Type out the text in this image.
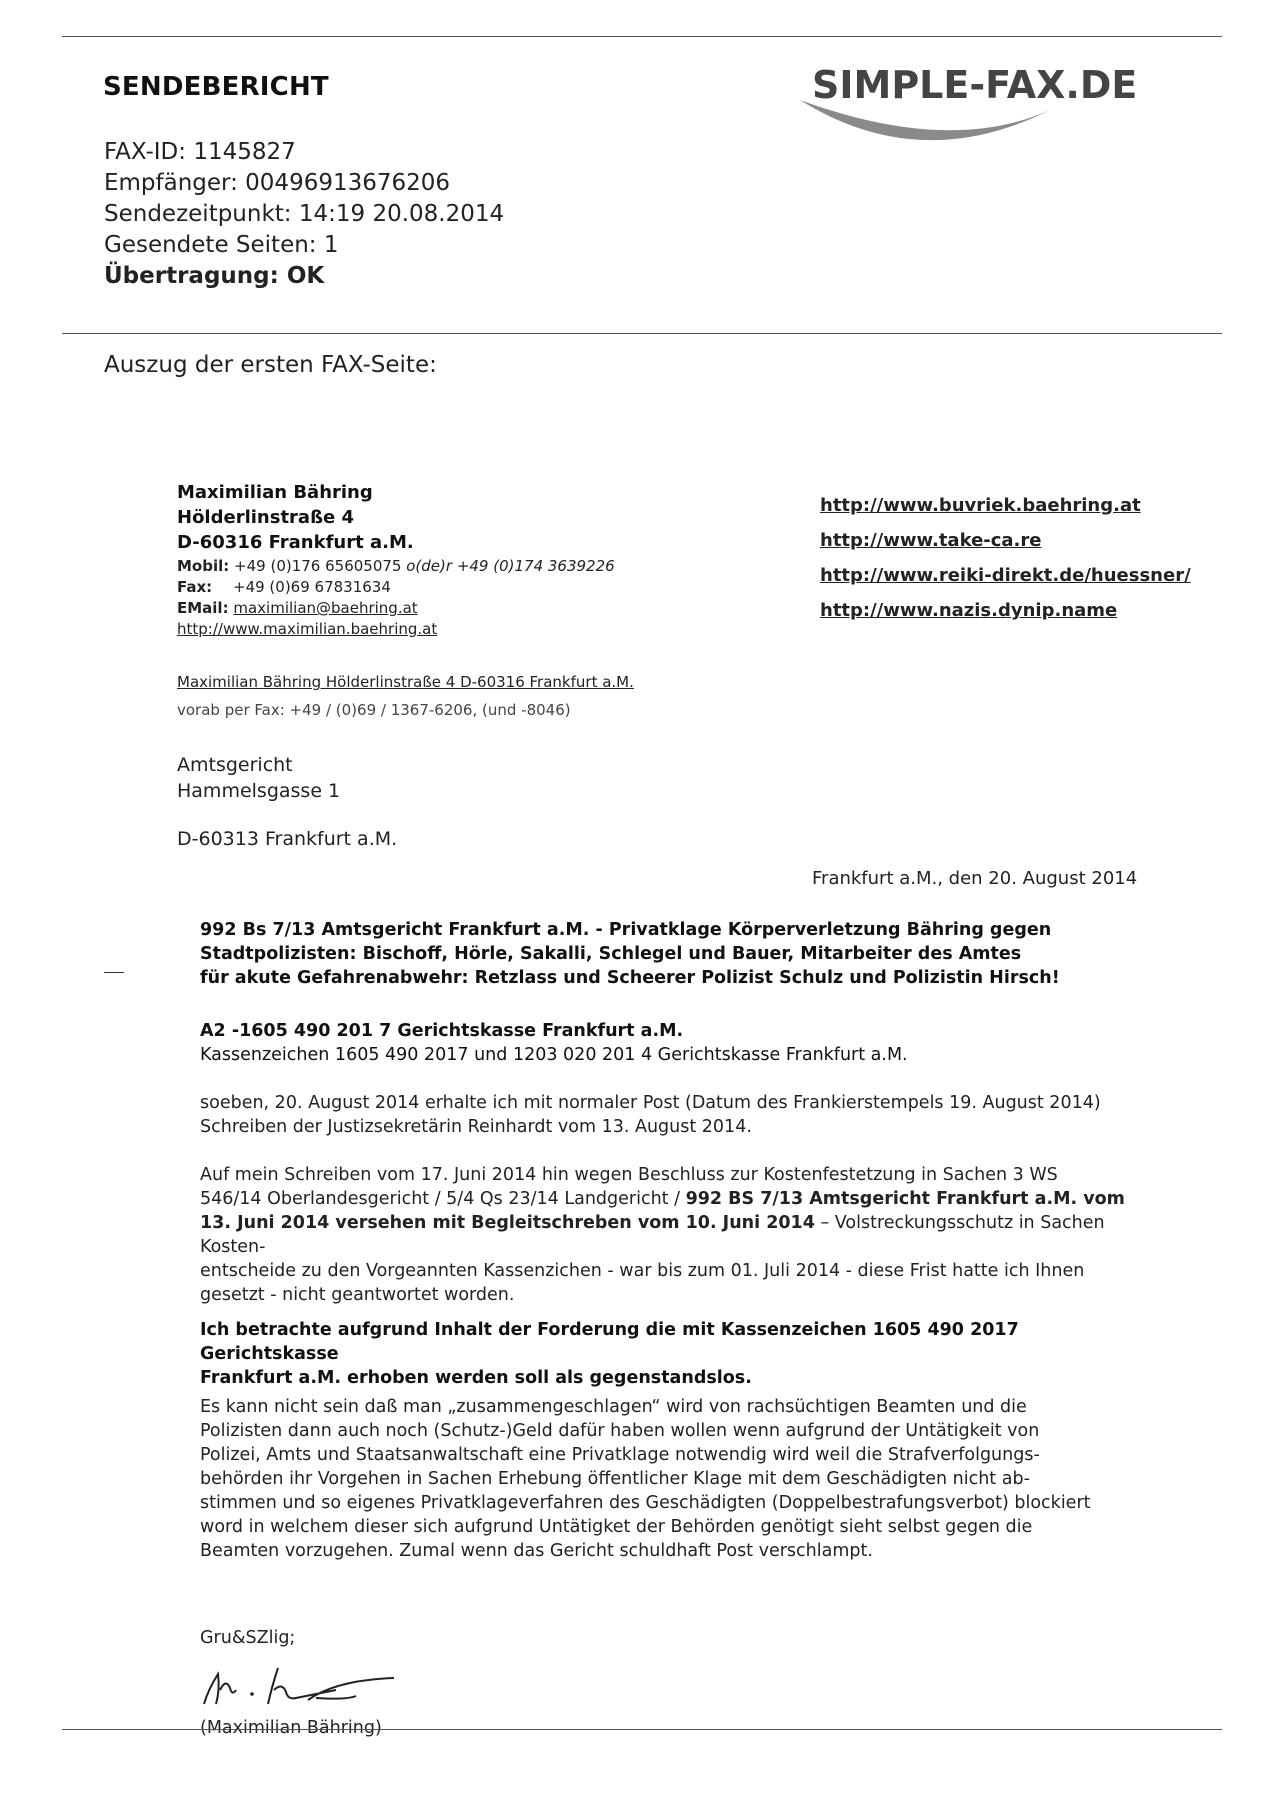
SENDEBERICHT	SIMPLE-FAX.DE
FAX-ID: 1145827
Empfänger: 00496913676206
Sendezeitpunkt: 14:19 20.08.2014
Gesendete Seiten: 1
Übertragung: OK
Auszug der ersten FAX-Seite:
Maximilian Bähring
Hölderlinstraße 4
D-60316 Frankfurt a.M.
Mobil: +49 (0)176 65605075 o(de)r +49 (0)174 3639226
Fax: +49 (0)69 67831634
EMail: maximilian@baehring.at
http://www.maximilian.baehring.at
http://www.buvriek.baehring.at
http://www.take-ca.re
http://www.reiki-direkt.de/huessner/
http://www.nazis.dynip.name
Maximilian Bähring Hölderlinstraße 4 D-60316 Frankfurt a.M.
vorab per Fax: +49 / (0)69 / 1367-6206, (und -8046)
Amtsgericht
Hammelsgasse 1
D-60313 Frankfurt a.M.
Frankfurt a.M., den 20. August 2014
992 Bs 7/13 Amtsgericht Frankfurt a.M. - Privatklage Körperverletzung Bähring gegen
Stadtpolizisten: Bischoff, Hörle, Sakalli, Schlegel und Bauer, Mitarbeiter des Amtes
für akute Gefahrenabwehr: Retzlass und Scheerer Polizist Schulz und Polizistin Hirsch!
A2 -1605 490 201 7 Gerichtskasse Frankfurt a.M.
Kassenzeichen 1605 490 2017 und 1203 020 201 4 Gerichtskasse Frankfurt a.M.
soeben, 20. August 2014 erhalte ich mit normaler Post (Datum des Frankierstempels 19. August 2014)
Schreiben der Justizsekretärin Reinhardt vom 13. August 2014.
Auf mein Schreiben vom 17. Juni 2014 hin wegen Beschluss zur Kostenfestetzung in Sachen 3 WS
546/14 Oberlandesgericht / 5/4 Qs 23/14 Landgericht / 992 BS 7/13 Amtsgericht Frankfurt a.M. vom
13. Juni 2014 versehen mit Begleitschreben vom 10. Juni 2014 – Volstreckungsschutz in Sachen Kosten-
entscheide zu den Vorgeannten Kassenzichen - war bis zum 01. Juli 2014 - diese Frist hatte ich Ihnen
gesetzt - nicht geantwortet worden.
Ich betrachte aufgrund Inhalt der Forderung die mit Kassenzeichen 1605 490 2017 Gerichtskasse
Frankfurt a.M. erhoben werden soll als gegenstandslos.
Es kann nicht sein daß man „zusammengeschlagen“ wird von rachsüchtigen Beamten und die
Polizisten dann auch noch (Schutz-)Geld dafür haben wollen wenn aufgrund der Untätigkeit von
Polizei, Amts und Staatsanwaltschaft eine Privatklage notwendig wird weil die Strafverfolgungs-
behörden ihr Vorgehen in Sachen Erhebung öffentlicher Klage mit dem Geschädigten nicht ab-
stimmen und so eigenes Privatklageverfahren des Geschädigten (Doppelbestrafungsverbot) blockiert
word in welchem dieser sich aufgrund Untätigket der Behörden genötigt sieht selbst gegen die
Beamten vorzugehen. Zumal wenn das Gericht schuldhaft Post verschlampt.
Gru&SZlig;
(Maximilian Bähring)
